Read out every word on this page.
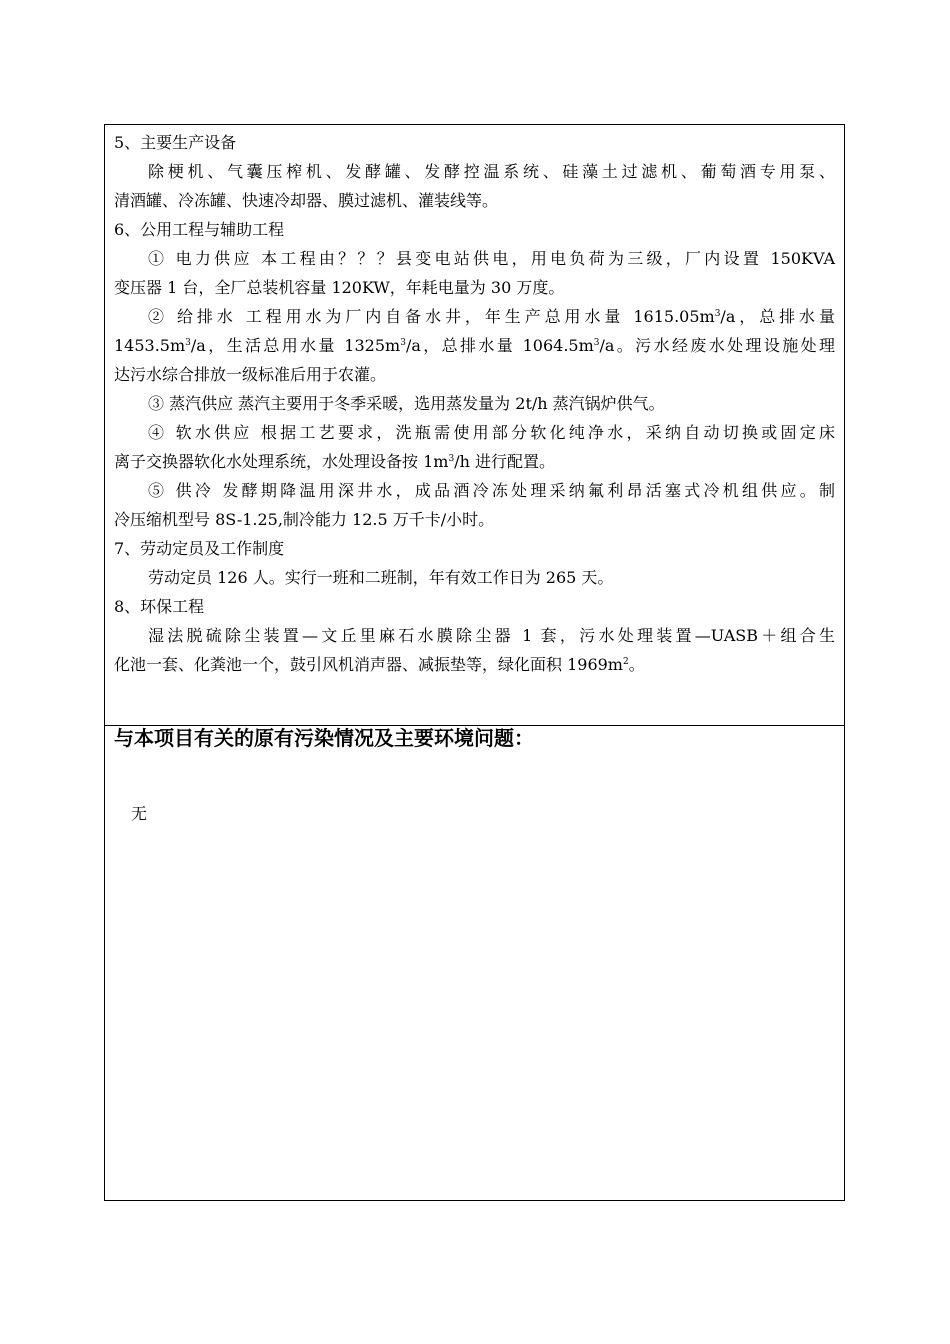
5、主要生产设备
除梗机、气囊压榨机、发酵罐、发酵控温系统、硅藻土过滤机、葡萄酒专用泵、
清酒罐、冷冻罐、快速冷却器、膜过滤机、灌装线等。
6、公用工程与辅助工程
① 电力供应 本工程由？？？县变电站供电，用电负荷为三级，厂内设置 150KVA
变压器 1 台，全厂总装机容量 120KW，年耗电量为 30 万度。
② 给排水 工程用水为厂内自备水井，年生产总用水量 $1615.05m^3/a$，总排水量
$1453.5m^3/a$，生活总用水量 $1325m^3/a$，总排水量 $1064.5m^3/a$。污水经废水处理设施处理
达污水综合排放一级标准后用于农灌。
③ 蒸汽供应 蒸汽主要用于冬季采暖，选用蒸发量为 2t/h 蒸汽锅炉供气。
④ 软水供应 根据工艺要求，洗瓶需使用部分软化纯净水，采纳自动切换或固定床
离子交换器软化水处理系统，水处理设备按 $1m^3/h$ 进行配置。
⑤ 供冷 发酵期降温用深井水，成品酒冷冻处理采纳氟利昂活塞式冷机组供应。制
冷压缩机型号 8S-1.25,制冷能力 12.5 万千卡/小时。
7、劳动定员及工作制度
劳动定员 126 人。实行一班和二班制，年有效工作日为 265 天。
8、环保工程
湿法脱硫除尘装置—文丘里麻石水膜除尘器 1 套，污水处理装置—UASB＋组合生
化池一套、化粪池一个，鼓引风机消声器、减振垫等，绿化面积 $1969m^2$。
与本项目有关的原有污染情况及主要环境问题：
无
